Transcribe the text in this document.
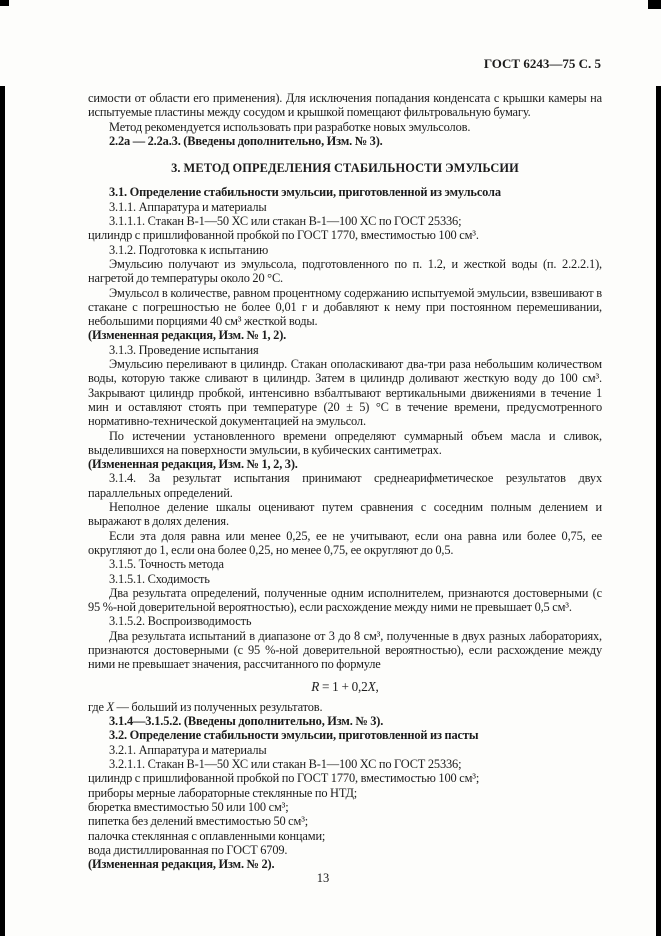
ГОСТ 6243—75 С. 5

симости от области его применения). Для исключения попадания конденсата с крышки камеры на испытуемые пластины между сосудом и крышкой помещают фильтровальную бумагу.

Метод рекомендуется использовать при разработке новых эмульсолов.

2.2а — 2.2а.3. (Введены дополнительно, Изм. № 3).

3. МЕТОД ОПРЕДЕЛЕНИЯ СТАБИЛЬНОСТИ ЭМУЛЬСИИ

3.1. Определение стабильности эмульсии, приготовленной из эмульсола

3.1.1. Аппаратура и материалы

3.1.1.1. Стакан В-1—50 ХС или стакан В-1—100 ХС по ГОСТ 25336;

цилиндр с пришлифованной пробкой по ГОСТ 1770, вместимостью 100 см³.

3.1.2. Подготовка к испытанию

Эмульсию получают из эмульсола, подготовленного по п. 1.2, и жесткой воды (п. 2.2.2.1), нагретой до температуры около 20 °С.

Эмульсол в количестве, равном процентному содержанию испытуемой эмульсии, взвешивают в стакане с погрешностью не более 0,01 г и добавляют к нему при постоянном перемешивании, небольшими порциями 40 см³ жесткой воды.

(Измененная редакция, Изм. № 1, 2).

3.1.3. Проведение испытания

Эмульсию переливают в цилиндр. Стакан ополаскивают два-три раза небольшим количеством воды, которую также сливают в цилиндр. Затем в цилиндр доливают жесткую воду до 100 см³. Закрывают цилиндр пробкой, интенсивно взбалтывают вертикальными движениями в течение 1 мин и оставляют стоять при температуре (20 ± 5) °С в течение времени, предусмотренного нормативно-технической документацией на эмульсол.

По истечении установленного времени определяют суммарный объем масла и сливок, выделившихся на поверхности эмульсии, в кубических сантиметрах.

(Измененная редакция, Изм. № 1, 2, 3).

3.1.4. За результат испытания принимают среднеарифметическое результатов двух параллельных определений.

Неполное деление шкалы оценивают путем сравнения с соседним полным делением и выражают в долях деления.

Если эта доля равна или менее 0,25, ее не учитывают, если она равна или более 0,75, ее округляют до 1, если она более 0,25, но менее 0,75, ее округляют до 0,5.

3.1.5. Точность метода

3.1.5.1. Сходимость

Два результата определений, полученные одним исполнителем, признаются достоверными (с 95 %-ной доверительной вероятностью), если расхождение между ними не превышает 0,5 см³.

3.1.5.2. Воспроизводимость

Два результата испытаний в диапазоне от 3 до 8 см³, полученные в двух разных лабораториях, признаются достоверными (с 95 %-ной доверительной вероятностью), если расхождение между ними не превышает значения, рассчитанного по формуле

R = 1 + 0,2X,

где X — больший из полученных результатов.

3.1.4—3.1.5.2. (Введены дополнительно, Изм. № 3).

3.2. Определение стабильности эмульсии, приготовленной из пасты

3.2.1. Аппаратура и материалы

3.2.1.1. Стакан В-1—50 ХС или стакан В-1—100 ХС по ГОСТ 25336;

цилиндр с пришлифованной пробкой по ГОСТ 1770, вместимостью 100 см³;

приборы мерные лабораторные стеклянные по НТД;

бюретка вместимостью 50 или 100 см³;

пипетка без делений вместимостью 50 см³;

палочка стеклянная с оплавленными концами;

вода дистиллированная по ГОСТ 6709.

(Измененная редакция, Изм. № 2).

13
